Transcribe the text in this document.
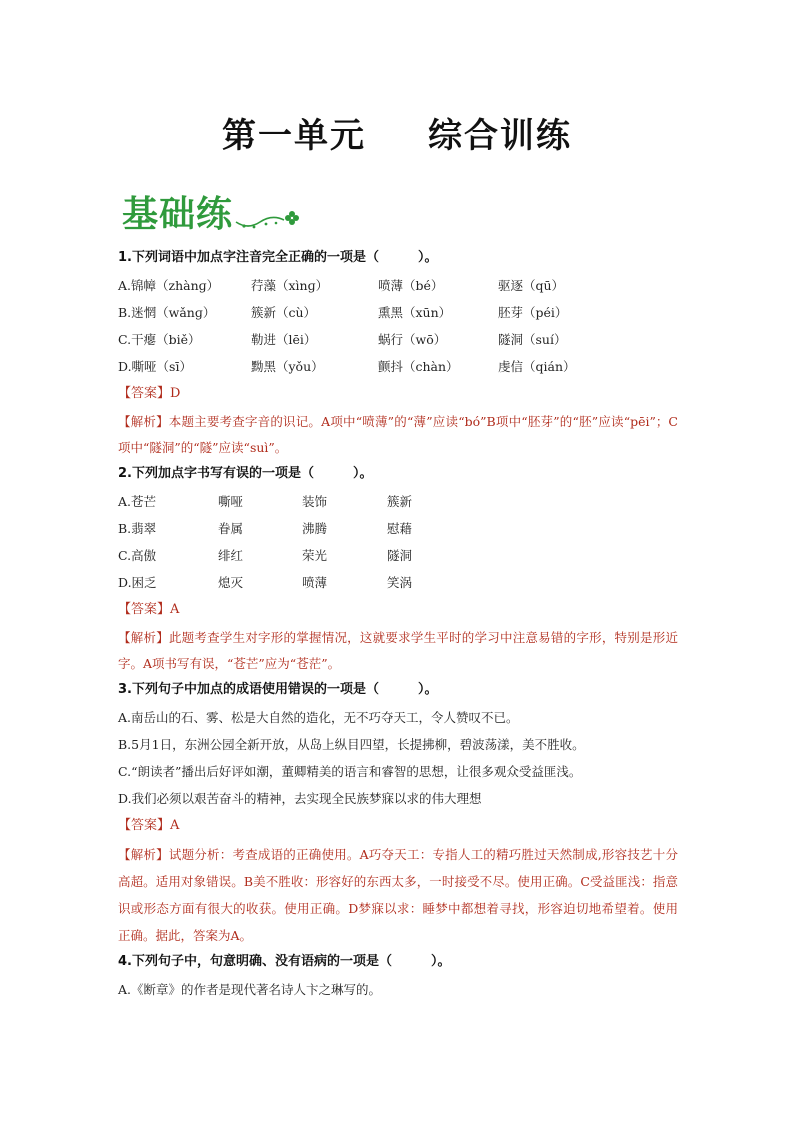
第一单元 综合训练
基础练
1.下列词语中加点字注音完全正确的一项是（　　　）。
A.锦幛（zhànɡ）	荇藻（xìnɡ）	喷薄（bé）	驱逐（qū）
B.迷惘（wǎnɡ）	簇新（cù）	熏黑（xūn）	胚芽（péi）
C.干瘪（biě）	勒进（lēi）	蜗行（wō）	隧洞（suí）
D.嘶哑（sī）	黝黑（yǒu）	颤抖（chàn）	虔信（qián）
【答案】D
【解析】本题主要考查字音的识记。A项中“喷薄”的“薄”应读“bó”B项中“胚芽”的“胚”应读“pēi”；C项中“隧洞”的“隧”应读“suì”。
2.下列加点字书写有误的一项是（　　　）。
A.苍芒	嘶哑	装饰	簇新
B.翡翠	眷属	沸腾	慰藉
C.高傲	绯红	荣光	隧洞
D.困乏	熄灭	喷薄	笑涡
【答案】A
【解析】此题考查学生对字形的掌握情况，这就要求学生平时的学习中注意易错的字形，特别是形近字。A项书写有误，“苍芒”应为“苍茫”。
3.下列句子中加点的成语使用错误的一项是（　　　）。
A.南岳山的石、雾、松是大自然的造化，无不巧夺天工，令人赞叹不已。
B.5月1日，东洲公园全新开放，从岛上纵目四望，长提拂柳，碧波荡漾，美不胜收。
C.“朗读者”播出后好评如潮，董卿精美的语言和睿智的思想，让很多观众受益匪浅。
D.我们必须以艰苦奋斗的精神，去实现全民族梦寐以求的伟大理想
【答案】A
【解析】试题分析：考查成语的正确使用。A巧夺天工：专指人工的精巧胜过天然制成,形容技艺十分高超。适用对象错误。B美不胜收：形容好的东西太多，一时接受不尽。使用正确。C受益匪浅：指意识或形态方面有很大的收获。使用正确。D梦寐以求：睡梦中都想着寻找，形容迫切地希望着。使用正确。据此，答案为A。
4.下列句子中，句意明确、没有语病的一项是（　　　）。
A.《断章》的作者是现代著名诗人卞之琳写的。
